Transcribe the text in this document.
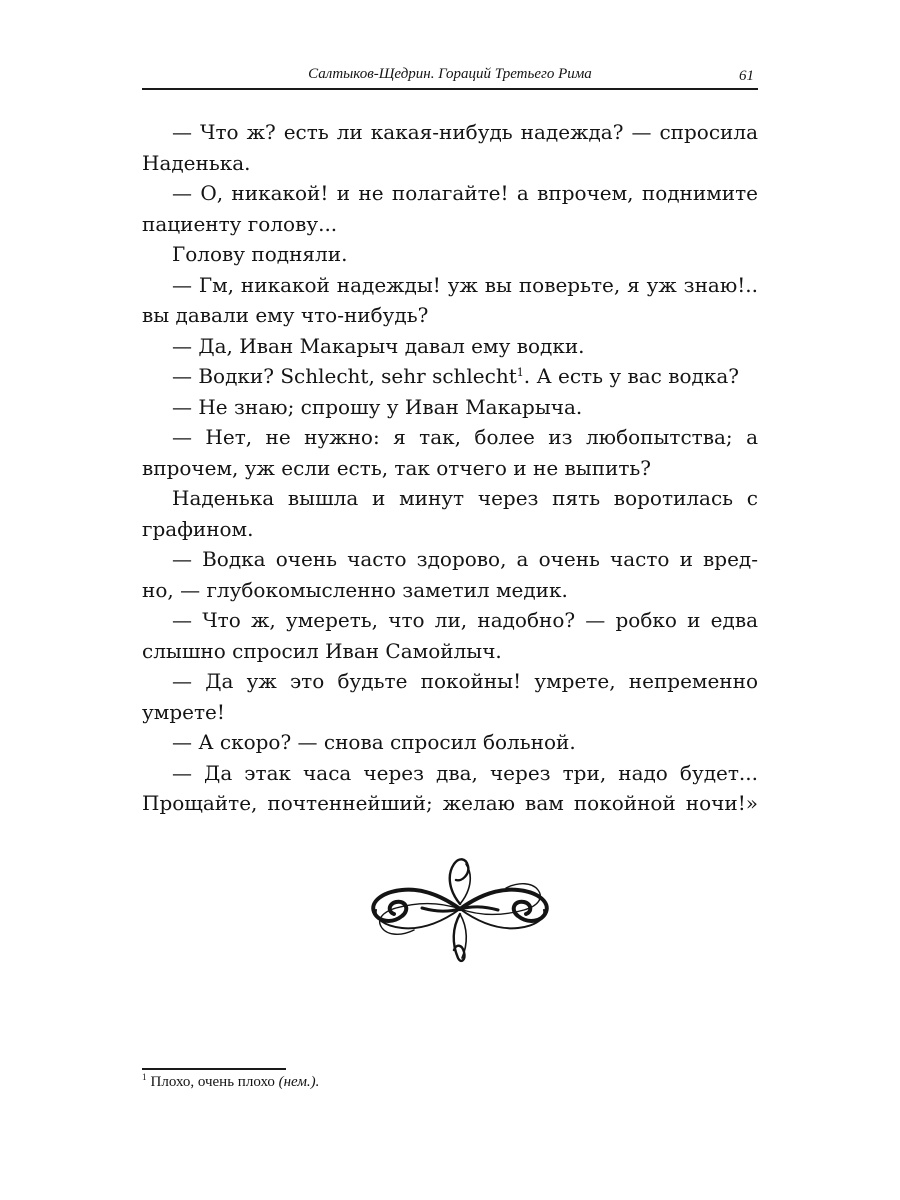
Салтыков-Щедрин. Гораций Третьего Рима	61
— Что ж? есть ли какая-нибудь надежда? — спросила
Наденька.
— О, никакой! и не полагайте! а впрочем, поднимите
пациенту голову...
Голову подняли.
— Гм, никакой надежды! уж вы поверьте, я уж знаю!..
вы давали ему что-нибудь?
— Да, Иван Макарыч давал ему водки.
— Водки? Schlecht, sehr schlecht$^1$. А есть у вас водка?
— Не знаю; спрошу у Иван Макарыча.
— Нет, не нужно: я так, более из любопытства; а
впрочем, уж если есть, так отчего и не выпить?
Наденька вышла и минут через пять воротилась с
графином.
— Водка очень часто здорово, а очень часто и вред-
но, — глубокомысленно заметил медик.
— Что ж, умереть, что ли, надобно? — робко и едва
слышно спросил Иван Самойлыч.
— Да уж это будьте покойны! умрете, непременно
умрете!
— А скоро? — снова спросил больной.
— Да этак часа через два, через три, надо будет...
Прощайте, почтеннейший; желаю вам покойной ночи!»
$^1$ Плохо, очень плохо (нем.).
